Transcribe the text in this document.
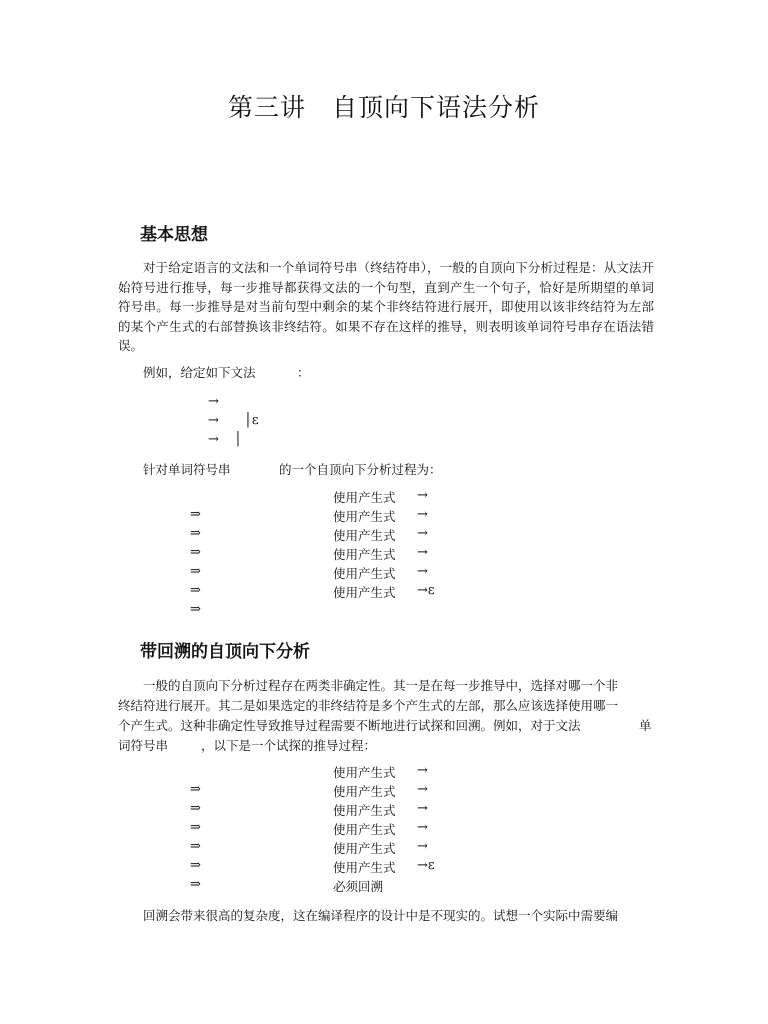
第三讲　自顶向下语法分析
基本思想
对于给定语言的文法和一个单词符号串（终结符串），一般的自顶向下分析过程是：从文法开始符号进行推导，每一步推导都获得文法的一个句型，直到产生一个句子，恰好是所期望的单词符号串。每一步推导是对当前句型中剩余的某个非终结符进行展开，即使用以该非终结符为左部的某个产生式的右部替换该非终结符。如果不存在这样的推导，则表明该单词符号串存在语法错误。
例如，给定如下文法	：
→
→ │ε
→ │
针对单词符号串	的一个自顶向下分析过程为：
使用产生式 →
⇒	使用产生式 →
⇒	使用产生式 →
⇒	使用产生式 →
⇒	使用产生式 →
⇒	使用产生式 →ε
⇒
带回溯的自顶向下分析
一般的自顶向下分析过程存在两类非确定性。其一是在每一步推导中，选择对哪一个非
终结符进行展开。其二是如果选定的非终结符是多个产生式的左部，那么应该选择使用哪一
个产生式。这种非确定性导致推导过程需要不断地进行试探和回溯。例如，对于文法	单
词符号串	，以下是一个试探的推导过程：
使用产生式 →
⇒	使用产生式 →
⇒	使用产生式 →
⇒	使用产生式 →
⇒	使用产生式 →
⇒	使用产生式 →ε
⇒	必须回溯
回溯会带来很高的复杂度，这在编译程序的设计中是不现实的。试想一个实际中需要编
